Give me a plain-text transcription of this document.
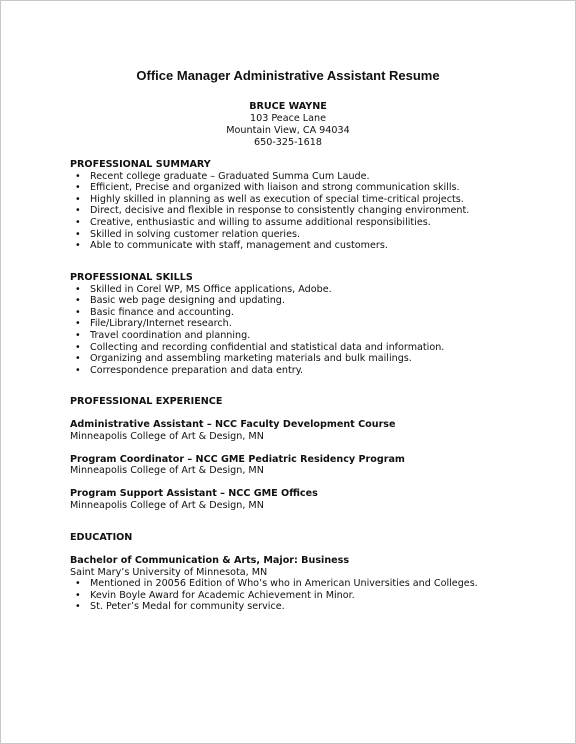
Office Manager Administrative Assistant Resume
BRUCE WAYNE
103 Peace Lane
Mountain View, CA 94034
650-325-1618
PROFESSIONAL SUMMARY
• Recent college graduate – Graduated Summa Cum Laude.
• Efficient, Precise and organized with liaison and strong communication skills.
• Highly skilled in planning as well as execution of special time-critical projects.
• Direct, decisive and flexible in response to consistently changing environment.
• Creative, enthusiastic and willing to assume additional responsibilities.
• Skilled in solving customer relation queries.
• Able to communicate with staff, management and customers.
PROFESSIONAL SKILLS
• Skilled in Corel WP, MS Office applications, Adobe.
• Basic web page designing and updating.
• Basic finance and accounting.
• File/Library/Internet research.
• Travel coordination and planning.
• Collecting and recording confidential and statistical data and information.
• Organizing and assembling marketing materials and bulk mailings.
• Correspondence preparation and data entry.
PROFESSIONAL EXPERIENCE
Administrative Assistant – NCC Faculty Development Course
Minneapolis College of Art & Design, MN
Program Coordinator – NCC GME Pediatric Residency Program
Minneapolis College of Art & Design, MN
Program Support Assistant – NCC GME Offices
Minneapolis College of Art & Design, MN
EDUCATION
Bachelor of Communication & Arts, Major: Business
Saint Mary’s University of Minnesota, MN
• Mentioned in 20056 Edition of Who’s who in American Universities and Colleges.
• Kevin Boyle Award for Academic Achievement in Minor.
• St. Peter’s Medal for community service.
